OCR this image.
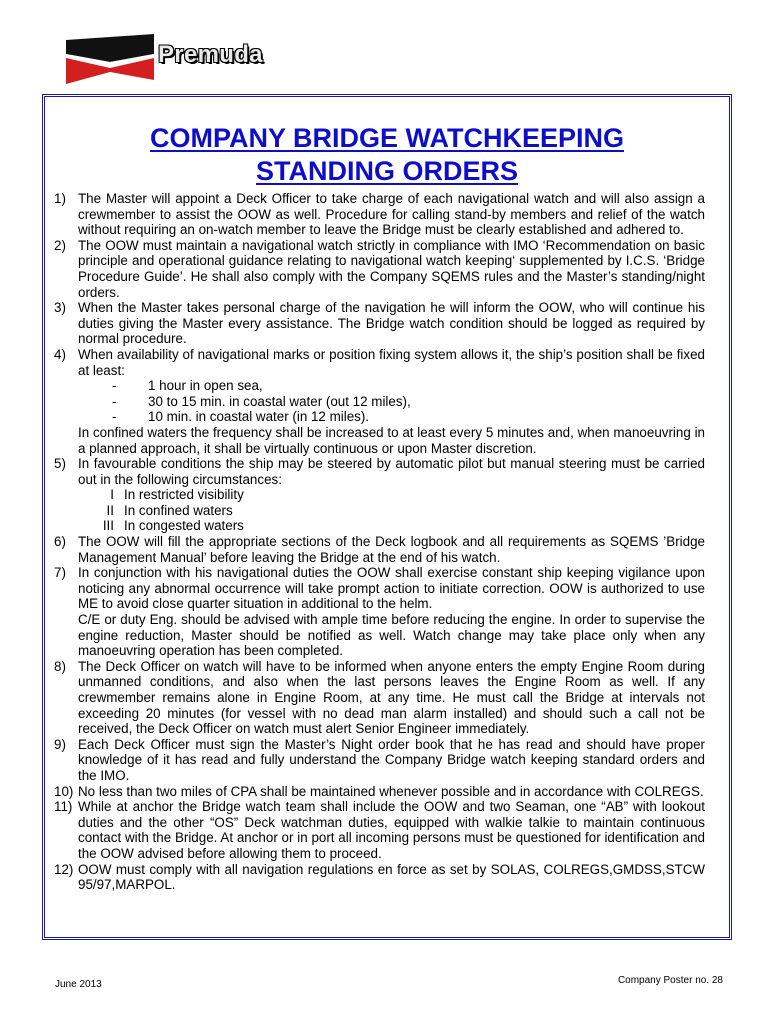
Premuda
COMPANY BRIDGE WATCHKEEPING
STANDING ORDERS
1) The Master will appoint a Deck Officer to take charge of each navigational watch and will also assign a crewmember to assist the OOW as well. Procedure for calling stand-by members and relief of the watch without requiring an on-watch member to leave the Bridge must be clearly established and adhered to.

2) The OOW must maintain a navigational watch strictly in compliance with IMO ‘Recommendation on basic principle and operational guidance relating to navigational watch keeping‘ supplemented by I.C.S. ‘Bridge Procedure Guide’. He shall also comply with the Company SQEMS rules and the Master’s standing/night orders.

3) When the Master takes personal charge of the navigation he will inform the OOW, who will continue his duties giving the Master every assistance. The Bridge watch condition should be logged as required by normal procedure.

4) When availability of navigational marks or position fixing system allows it, the ship’s position shall be fixed at least:

-	1 hour in open sea,
-	30 to 15 min. in coastal water (out 12 miles),
-	10 min. in coastal water (in 12 miles).

In confined waters the frequency shall be increased to at least every 5 minutes and, when manoeuvring in a planned approach, it shall be virtually continuous or upon Master discretion.

5) In favourable conditions the ship may be steered by automatic pilot but manual steering must be carried out in the following circumstances:

I In restricted visibility
II In confined waters
III In congested waters
6) The OOW will fill the appropriate sections of the Deck logbook and all requirements as SQEMS ’Bridge Management Manual’ before leaving the Bridge at the end of his watch.

7) In conjunction with his navigational duties the OOW shall exercise constant ship keeping vigilance upon noticing any abnormal occurrence will take prompt action to initiate correction. OOW is authorized to use ME to avoid close quarter situation in additional to the helm.

C/E or duty Eng. should be advised with ample time before reducing the engine. In order to supervise the engine reduction, Master should be notified as well. Watch change may take place only when any manoeuvring operation has been completed.

8) The Deck Officer on watch will have to be informed when anyone enters the empty Engine Room during unmanned conditions, and also when the last persons leaves the Engine Room as well. If any crewmember remains alone in Engine Room, at any time. He must call the Bridge at intervals not exceeding 20 minutes (for vessel with no dead man alarm installed) and should such a call not be received, the Deck Officer on watch must alert Senior Engineer immediately.

9) Each Deck Officer must sign the Master’s Night order book that he has read and should have proper knowledge of it has read and fully understand the Company Bridge watch keeping standard orders and the IMO.

10) No less than two miles of CPA shall be maintained whenever possible and in accordance with COLREGS.

11) While at anchor the Bridge watch team shall include the OOW and two Seaman, one “AB” with lookout duties and the other “OS” Deck watchman duties, equipped with walkie talkie to maintain continuous contact with the Bridge. At anchor or in port all incoming persons must be questioned for identification and the OOW advised before allowing them to proceed.

12) OOW must comply with all navigation regulations en force as set by SOLAS, COLREGS,GMDSS,STCW 95/97,MARPOL.

June 2013	Company Poster no. 28
